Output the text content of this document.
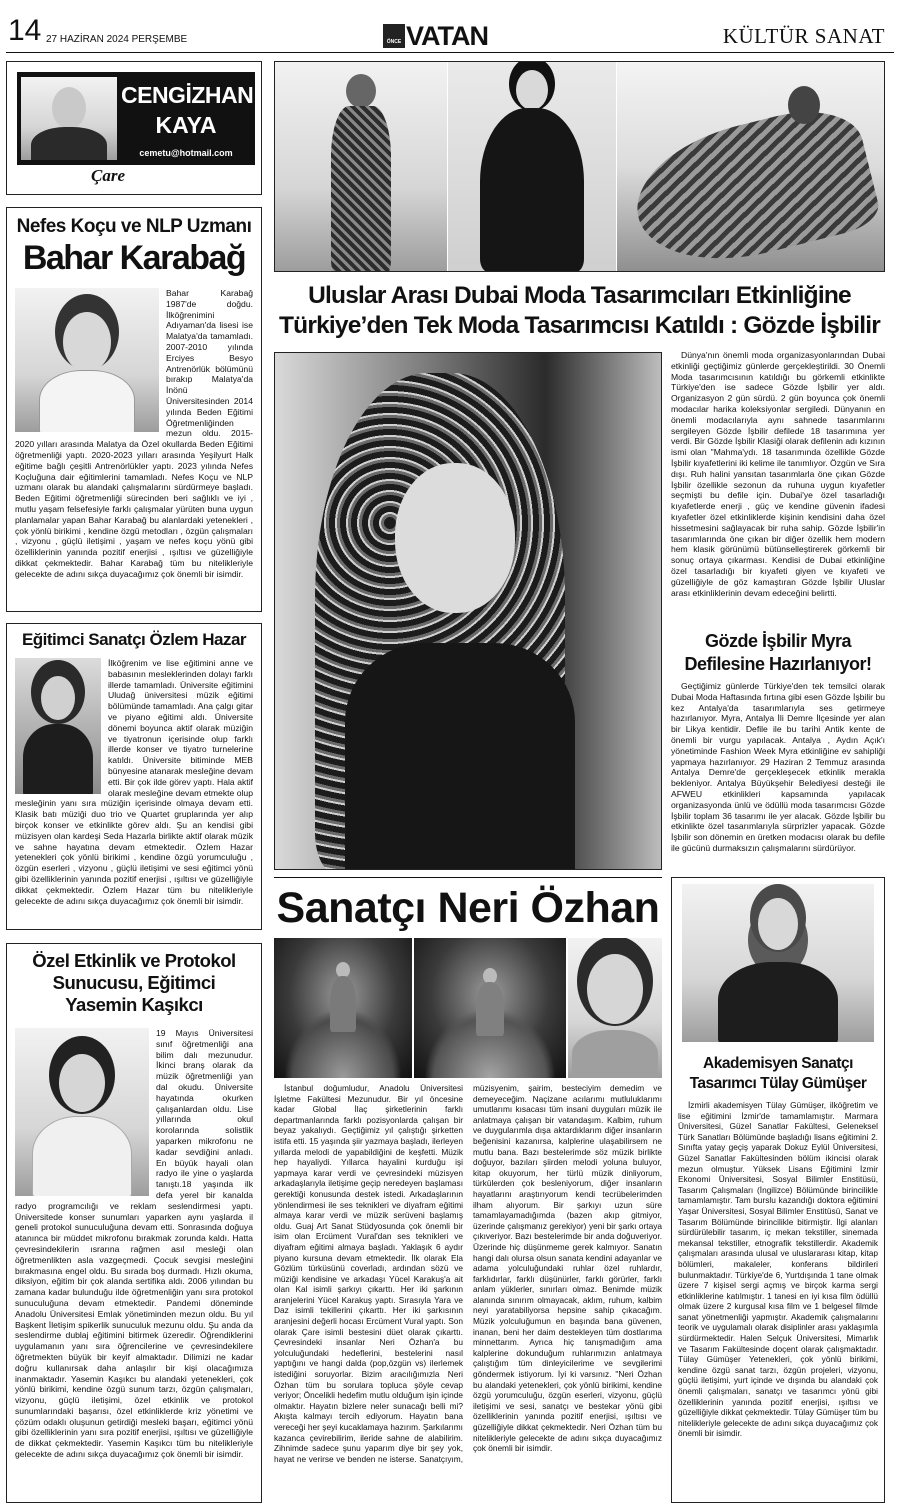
14 27 HAZİRAN 2024 PERŞEMBE	ÖNCE VATAN	KÜLTÜR SANAT
CENGİZHAN
KAYA
cemetu@hotmail.com
Çare
Nefes Koçu ve NLP Uzmanı
Bahar Karabağ
Bahar Karabağ 1987'de doğdu. İlköğrenimini Adıyaman'da lisesi ise Malatya'da tamamladı. 2007-2010 yılında Erciyes Besyo Antrenörlük bölümünü bırakıp Malatya'da İnönü Üniversitesinden 2014 yılında Beden Eğitimi Öğretmenliğinden mezun oldu. 2015-2020 yılları arasında Malatya da Özel okullarda Beden Eğitimi öğretmenliği yaptı. 2020-2023 yılları arasında Yeşilyurt Halk eğitime bağlı çeşitli Antrenörlükler yaptı. 2023 yılında Nefes Koçluğuna dair eğitimlerini tamamladı. Nefes Koçu ve NLP uzmanı olarak bu alandaki çalışmalarını sürdürmeye başladı. Beden Eğitimi öğretmenliği sürecinden beri sağlıklı ve iyi , mutlu yaşam felsefesiyle farklı çalışmalar yürüten buna uygun planlamalar yapan Bahar Karabağ bu alanlardaki yetenekleri , çok yönlü birikimi , kendine özgü metodları , özgün çalışmaları , vizyonu , güçlü iletişimi , yaşam ve nefes koçu yönü gibi özelliklerinin yanında pozitif enerjisi , ışıltısı ve güzelliğiyle dikkat çekmektedir. Bahar Karabağ tüm bu nitelikleriyle gelecekte de adını sıkça duyacağımız çok önemli bir isimdir.
Eğitimci Sanatçı Özlem Hazar
İlköğrenim ve lise eğitimini anne ve babasının mesleklerinden dolayı farklı illerde tamamladı. Üniversite eğitimini Uludağ üniversitesi müzik eğitimi bölümünde tamamladı. Ana çalgı gitar ve piyano eğitimi aldı. Üniversite dönemi boyunca aktif olarak müziğin ve tiyatronun içerisinde olup farklı illerde konser ve tiyatro turnelerine katıldı. Üniversite bitiminde MEB bünyesine atanarak mesleğine devam etti. Bir çok ilde görev yaptı. Hala aktif olarak mesleğine devam etmekte olup mesleğinin yanı sıra müziğin içerisinde olmaya devam etti. Klasik batı müziği duo trio ve Quartet gruplarında yer alıp birçok konser ve etkinlikte görev aldı. Şu an kendisi gibi müzisyen olan kardeşi Seda Hazarla birlikte aktif olarak müzik ve sahne hayatına devam etmektedir. Özlem Hazar yetenekleri çok yönlü birikimi , kendine özgü yorumculuğu , özgün eserleri , vizyonu , güçlü iletişimi ve sesi eğitimci yönü gibi özelliklerinin yanında pozitif enerjisi , ışıltısı ve güzelliğiyle dikkat çekmektedir. Özlem Hazar tüm bu nitelikleriyle gelecekte de adını sıkça duyacağımız çok önemli bir isimdir.
Özel Etkinlik ve Protokol Sunucusu, Eğitimci Yasemin Kaşıkcı
19 Mayıs Üniversitesi sınıf öğretmenliği ana bilim dalı mezunudur. İkinci branş olarak da müzik öğretmenliği yan dal okudu. Üniversite hayatında okurken çalışanlardan oldu. Lise yıllarında okul korolarında solistlik yaparken mikrofonu ne kadar sevdiğini anladı. En büyük hayali olan radyo ile yine o yaşlarda tanıştı.18 yaşında ilk defa yerel bir kanalda radyo programcılığı ve reklam seslendirmesi yaptı. Üniversitede konser sunumları yaparken aynı yaşlarda il geneli protokol sunuculuğuna devam etti. Sonrasında doğuya atanınca bir müddet mikrofonu bırakmak zorunda kaldı. Hatta çevresindekilerin ısrarına rağmen asıl mesleği olan öğretmenlikten asla vazgeçmedi. Çocuk sevgisi mesleğini bırakmasına engel oldu. Bu sırada boş durmadı. Hızlı okuma, diksiyon, eğitim bir çok alanda sertifika aldı. 2006 yılından bu zamana kadar bulunduğu ilde öğretmenliğin yanı sıra protokol sunuculuğuna devam etmektedir. Pandemi döneminde Anadolu Üniversitesi Emlak yönetiminden mezun oldu. Bu yıl Başkent İletişim spikerlik sunuculuk mezunu oldu. Şu anda da seslendirme dublaj eğitimini bitirmek üzeredir. Öğrendiklerini uygulamanın yanı sıra öğrencilerine ve çevresindekilere öğretmekten büyük bir keyif almaktadır. Dilimizi ne kadar doğru kullanırsak daha anlaşılır bir kişi olacağımıza inanmaktadır. Yasemin Kaşıkcı bu alandaki yetenekleri, çok yönlü birikimi, kendine özgü sunum tarzı, özgün çalışmaları, vizyonu, güçlü iletişimi, özel etkinlik ve protokol sunumlarındaki başarısı, özel etkinliklerde kriz yönetimi ve çözüm odaklı oluşunun getirdiği mesleki başarı, eğitimci yönü gibi özelliklerinin yanı sıra pozitif enerjisi, ışıltısı ve güzelliğiyle de dikkat çekmektedir. Yasemin Kaşıkcı tüm bu nitelikleriyle gelecekte de adını sıkça duyacağımız çok önemli bir isimdir.
Uluslar Arası Dubai Moda Tasarımcıları Etkinliğine
Türkiye’den Tek Moda Tasarımcısı Katıldı : Gözde İşbilir
Dünya'nın önemli moda organizasyonlarından Dubai etkinliği geçtiğimiz günlerde gerçekleştirildi. 30 Önemli Moda tasarımcısının katıldığı bu görkemli etkinlikte Türkiye'den ise sadece Gözde İşbilir yer aldı. Organizasyon 2 gün sürdü. 2 gün boyunca çok önemli modacılar harika koleksiyonlar sergiledi. Dünyanın en önemli modacılarıyla aynı sahnede tasarımlarını sergileyen Gözde İşbilir defilede 18 tasarımına yer verdi. Bir Gözde İşbilir Klasiği olarak defilenin adı kızının ismi olan "Mahma'ydı. 18 tasarımında özellikle Gözde İşbilir kıyafetlerini iki kelime ile tanımlıyor. Özgün ve Sıra dışı. Ruh halini yansıtan tasarımlarla öne çıkan Gözde İşbilir özellikle sezonun da ruhuna uygun kıyafetler seçmişti bu defile için. Dubai'ye özel tasarladığı kıyafetlerde enerji , güç ve kendine güvenin ifadesi kıyafetler özel etkinliklerde kişinin kendisini daha özel hissetmesini sağlayacak bir ruha sahip. Gözde İşbilir'in tasarımlarında öne çıkan bir diğer özellik hem modern hem klasik görünümü bütünselleştirerek görkemli bir sonuç ortaya çıkarması. Kendisi de Dubai etkinliğine özel tasarladığı bir kıyafeti giyen ve kıyafeti ve güzelliğiyle de göz kamaştıran Gözde İşbilir Uluslar arası etkinliklerinin devam edeceğini belirtti.
Gözde İşbilir Myra Defilesine Hazırlanıyor!
Geçtiğimiz günlerde Türkiye'den tek temsilci olarak Dubai Moda Haftasında fırtına gibi esen Gözde İşbilir bu kez Antalya'da tasarımlarıyla ses getirmeye hazırlanıyor. Myra, Antalya İli Demre İlçesinde yer alan bir Likya kentidir. Defile ile bu tarihi Antik kente de önemli bir vurgu yapılacak. Antalya , Aydın Açık'ı yönetiminde Fashion Week Myra etkinliğine ev sahipliği yapmaya hazırlanıyor. 29 Haziran 2 Temmuz arasında Antalya Demre'de gerçekleşecek etkinlik merakla bekleniyor. Antalya Büyükşehir Belediyesi desteği ile AFWEU etkinlikleri kapsamında yapılacak organizasyonda ünlü ve ödüllü moda tasarımcısı Gözde İşbilir toplam 36 tasarımı ile yer alacak. Gözde İşbilir bu etkinlikte özel tasarımlarıyla sürprizler yapacak. Gözde İşbilir son dönemin en üretken modacısı olarak bu defile ile gücünü durmaksızın çalışmalarını sürdürüyor.
Sanatçı Neri Özhan
İstanbul doğumludur, Anadolu Üniversitesi İşletme Fakültesi Mezunudur. Bir yıl öncesine kadar Global İlaç şirketlerinin farklı departmanlarında farklı pozisyonlarda çalışan bir beyaz yakalıydı. Geçtiğimiz yıl çalıştığı şirketten istifa etti. 15 yaşında şiir yazmaya başladı, ilerleyen yıllarda melodi de yapabildiğini de keşfetti. Müzik hep hayaliydi. Yıllarca hayalini kurduğu işi yapmaya karar verdi ve çevresindeki müzisyen arkadaşlarıyla iletişime geçip neredeyen başlaması gerektiği konusunda destek istedi. Arkadaşlarının yönlendirmesi ile ses teknikleri ve diyafram eğitimi almaya karar verdi ve müzik serüveni başlamış oldu. Guaj Art Sanat Stüdyosunda çok önemli bir isim olan Ercüment Vural'dan ses teknikleri ve diyafram eğitimi almaya başladı. Yaklaşık 6 aydır piyano kursuna devam etmektedir. İlk olarak Ela Gözlüm türküsünü coverladı, ardından sözü ve müziği kendisine ve arkadaşı Yücel Karakuş'a ait olan Kal isimli şarkıyı çıkarttı. Her iki şarkının aranjelerini Yücel Karakuş yaptı. Sırasıyla Yara ve Daz isimli tekillerini çıkarttı. Her iki şarkısının aranjesini değerli hocası Ercüment Vural yaptı. Son olarak Çare isimli bestesini düet olarak çıkarttı. Çevresindeki insanlar Neri Özhan'a bu yolculuğundaki hedeflerini, bestelerini nasıl yaptığını ve hangi dalda (pop,özgün vs) ilerlemek istediğini soruyorlar. Bizim aracılığımızla Neri Özhan tüm bu sorulara topluca şöyle cevap veriyor; Öncelikli hedefim mutlu olduğum işin içinde olmaktır. Hayatın bizlere neler sunacağı belli mi? Akışta kalmayı tercih ediyorum. Hayatın bana vereceği her şeyi kucaklamaya hazırım. Şarkılarımı kazanca çevirebilirim, ileride sahne de alabilirim. Zihnimde sadece şunu yaparım diye bir şey yok, hayat ne verirse ve benden ne isterse. Sanatçıyım, müzisyenim, şairim, besteciyim demedim ve demeyeceğim. Naçizane acılarımı mutluluklarımı umutlarımı kısacası tüm insani duyguları müzik ile anlatmaya çalışan bir vatandaşım. Kalbim, ruhum ve duygularımla dışa aktardıklarım diğer insanların beğenisini kazanırsa, kalplerine ulaşabilirsem ne mutlu bana. Bazı bestelerimde söz müzik birlikte doğuyor, bazıları şiirden melodi yoluna buluyor, kitap okuyorum, her türlü müzik dinliyorum, türkülerden çok besleniyorum, diğer insanların hayatlarını araştırıyorum kendi tecrübelerimden ilham alıyorum. Bir şarkıyı uzun süre tamamlayamadığımda (bazen akıp gitmiyor, üzerinde çalışmanız gerekiyor) yeni bir şarkı ortaya çıkıveriyor. Bazı bestelerimde bir anda doğuveriyor. Üzerinde hiç düşünmeme gerek kalmıyor. Sanatın hangi dalı olursa olsun sanata kendini adayanlar ve adama yolculuğundaki ruhlar özel ruhlardır, farklıdırlar, farklı düşünürler, farklı görürler, farklı anlam yüklerler, sınırları olmaz. Benimde müzik alanında sınırım olmayacak, aklım, ruhum, kalbim neyi yaratabiliyorsa hepsine sahip çıkacağım. Müzik yolculuğumun en başında bana güvenen, inanan, beni her daim destekleyen tüm dostlarıma minnettarım. Ayrıca hiç tanışmadığım ama kalplerine dokunduğum ruhlarımızın anlatmaya çalıştığım tüm dinleyicilerime ve sevgilerimi göndermek istiyorum. İyi ki varsınız. "Neri Özhan bu alandaki yetenekleri, çok yönlü birikimi, kendine özgü yorumculuğu, özgün eserleri, vizyonu, güçlü iletişimi ve sesi, sanatçı ve bestekar yönü gibi özelliklerinin yanında pozitif enerjisi, ışıltısı ve güzelliğiyle dikkat çekmektedir. Neri Özhan tüm bu nitelikleriyle gelecekte de adını sıkça duyacağımız çok önemli bir isimdir.
Akademisyen Sanatçı
Tasarımcı Tülay Gümüşer
İzmirli akademisyen Tülay Gümüşer, ilköğretim ve lise eğitimini İzmir'de tamamlamıştır. Marmara Üniversitesi, Güzel Sanatlar Fakültesi, Geleneksel Türk Sanatları Bölümünde başladığı lisans eğitimini 2. Sınıfta yatay geçiş yaparak Dokuz Eylül Üniversitesi, Güzel Sanatlar Fakültesinden bölüm ikincisi olarak mezun olmuştur. Yüksek Lisans Eğitimini İzmir Ekonomi Üniversitesi, Sosyal Bilimler Enstitüsü, Tasarım Çalışmaları (İngilizce) Bölümünde birincilikle tamamlamıştır. Tam burslu kazandığı doktora eğitimini Yaşar Üniversitesi, Sosyal Bilimler Enstitüsü, Sanat ve Tasarım Bölümünde birincilikle bitirmiştir. İlgi alanları sürdürülebilir tasarım, iç mekan tekstiller, sinemada mekansal tekstiller, etnografik tekstillerdir. Akademik çalışmaları arasında ulusal ve uluslararası kitap, kitap bölümleri, makaleler, konferans bildirileri bulunmaktadır. Türkiye'de 6, Yurtdışında 1 tane olmak üzere 7 kişisel sergi açmış ve birçok karma sergi etkinliklerine katılmıştır. 1 tanesi en iyi kısa film ödüllü olmak üzere 2 kurgusal kısa film ve 1 belgesel filmde sanat yönetmenliği yapmıştır. Akademik çalışmalarını teorik ve uygulamalı olarak disiplinler arası yaklaşımla sürdürmektedir. Halen Selçuk Üniversitesi, Mimarlık ve Tasarım Fakültesinde doçent olarak çalışmaktadır. Tülay Gümüşer Yetenekleri, çok yönlü birikimi, kendine özgü sanat tarzı, özgün projeleri, vizyonu, güçlü iletişimi, yurt içinde ve dışında bu alandaki çok önemli çalışmaları, sanatçı ve tasarımcı yönü gibi özelliklerinin yanında pozitif enerjisi, ışıltısı ve güzelliğiyle dikkat çekmektedir. Tülay Gümüşer tüm bu nitelikleriyle gelecekte de adını sıkça duyacağımız çok önemli bir isimdir.
